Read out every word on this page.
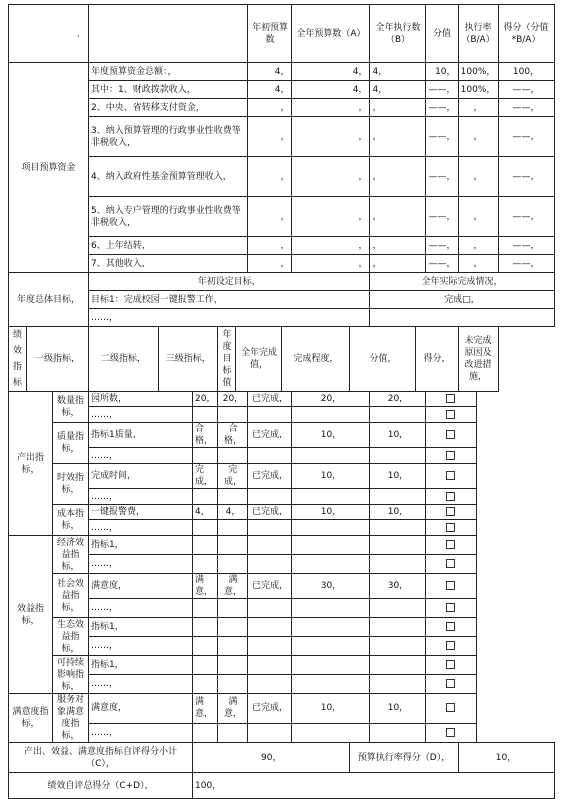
，								年初预算数		全年预算数（A）		全年执行数（B）		分值	执行率（B/A）	得分（分值*B/A）
项目预算资金			年度预算资金总额：，					4，		4，		4，		10，	100%，	100，
			其中：1、财政拨款收入，					4，		4，		4，		——，	100%，	——，
			2、中央、省转移支付资金，					，		，		，		——，	，	——，
			3、纳入预算管理的行政事业性收费等非税收入，					，		，		，		——，	，	——，
			4、纳入政府性基金预算管理收入，					，		，		，		——，	，	——，
			5、纳入专户管理的行政事业性收费等非税收入，					，		，		，		——，	，	——，
			6、上年结转，					，		，		，		——，	，	——，
			7、其他收入，					，		，		，		——，	，	——，
年度总体目标，			年初设定目标，									全年实际完成情况，				
			目标1：完成校园一键报警工作，									完成□，				
			……，													

绩
效
指
标	一级指标，		二级指标，	三级指标，		年度目标值	全年完成值，		完成程度，		分值，		得分，		未完成原因及改进措施，	
产出指标，		数量指标，	园所数，		20，	20，		已完成，		20，		20，				
			……，													
		质量指标，	指标1质量，		合格，	合格，		已完成，		10，		10，				
			……，													
		时效指标，	完成时间，		完成，	完成，		已完成，		10，		10，				
			……，													
		成本指标，	一键报警费，		4，	4，		已完成，		10，		10，				
			……，													
效益指标，		经济效益指标，	指标1，													
			……，													
		社会效益指标，	满意度，		满意，	满意，		已完成，		30，		30，				
			……，													
		生态效益指标，	指标1，													
			……，													
		可持续影响指标，	指标1，													
			……，													
满意度指标，		服务对象满意度指标，	满意度，		满意，	满意，		已完成，		10，		10，				
			……，													
产出、效益、满意度指标自评得分小计（C），					90，						预算执行率得分（D），				10，	
绩效自评总得分（C+D），					100，											
